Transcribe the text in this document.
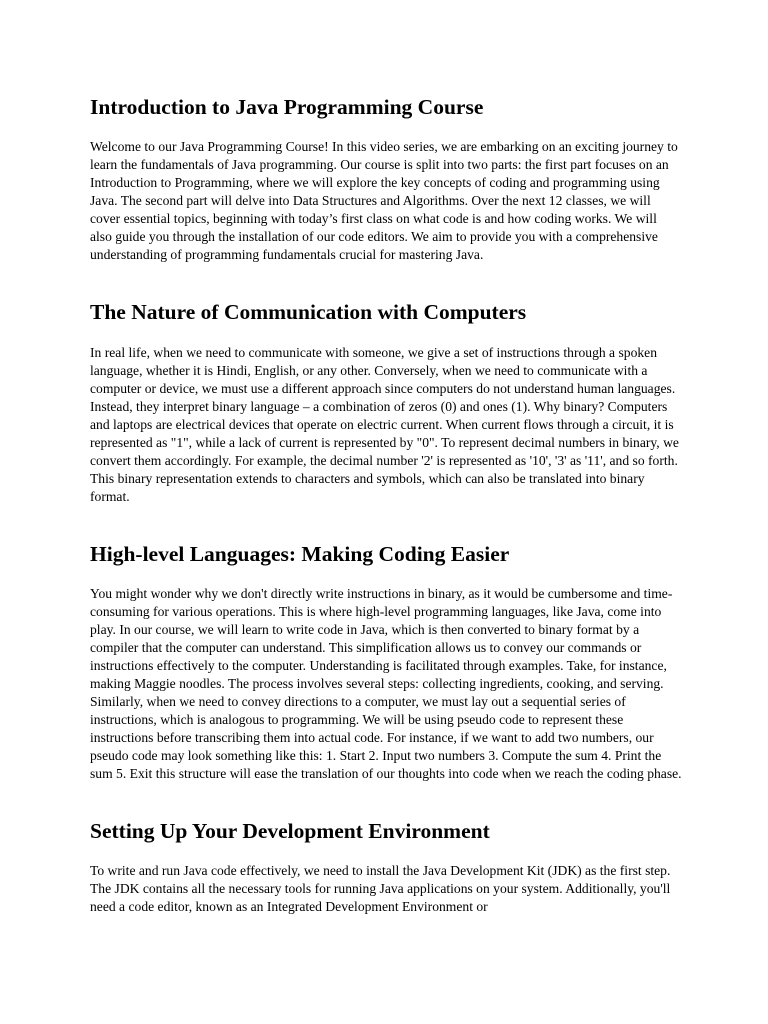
Introduction to Java Programming Course

Welcome to our Java Programming Course! In this video series, we are embarking on an exciting journey to learn the fundamentals of Java programming. Our course is split into two parts: the first part focuses on an Introduction to Programming, where we will explore the key concepts of coding and programming using Java. The second part will delve into Data Structures and Algorithms. Over the next 12 classes, we will cover essential topics, beginning with today’s first class on what code is and how coding works. We will also guide you through the installation of our code editors. We aim to provide you with a comprehensive understanding of programming fundamentals crucial for mastering Java.

The Nature of Communication with Computers

In real life, when we need to communicate with someone, we give a set of instructions through a spoken language, whether it is Hindi, English, or any other. Conversely, when we need to communicate with a computer or device, we must use a different approach since computers do not understand human languages. Instead, they interpret binary language – a combination of zeros (0) and ones (1). Why binary? Computers and laptops are electrical devices that operate on electric current. When current flows through a circuit, it is represented as "1", while a lack of current is represented by "0". To represent decimal numbers in binary, we convert them accordingly. For example, the decimal number '2' is represented as '10', '3' as '11', and so forth. This binary representation extends to characters and symbols, which can also be translated into binary format.

High-level Languages: Making Coding Easier

You might wonder why we don't directly write instructions in binary, as it would be cumbersome and time-consuming for various operations. This is where high-level programming languages, like Java, come into play. In our course, we will learn to write code in Java, which is then converted to binary format by a compiler that the computer can understand. This simplification allows us to convey our commands or instructions effectively to the computer. Understanding is facilitated through examples. Take, for instance, making Maggie noodles. The process involves several steps: collecting ingredients, cooking, and serving. Similarly, when we need to convey directions to a computer, we must lay out a sequential series of instructions, which is analogous to programming. We will be using pseudo code to represent these instructions before transcribing them into actual code. For instance, if we want to add two numbers, our pseudo code may look something like this: 1. Start 2. Input two numbers 3. Compute the sum 4. Print the sum 5. Exit this structure will ease the translation of our thoughts into code when we reach the coding phase.

Setting Up Your Development Environment

To write and run Java code effectively, we need to install the Java Development Kit (JDK) as the first step. The JDK contains all the necessary tools for running Java applications on your system. Additionally, you'll need a code editor, known as an Integrated Development Environment or
